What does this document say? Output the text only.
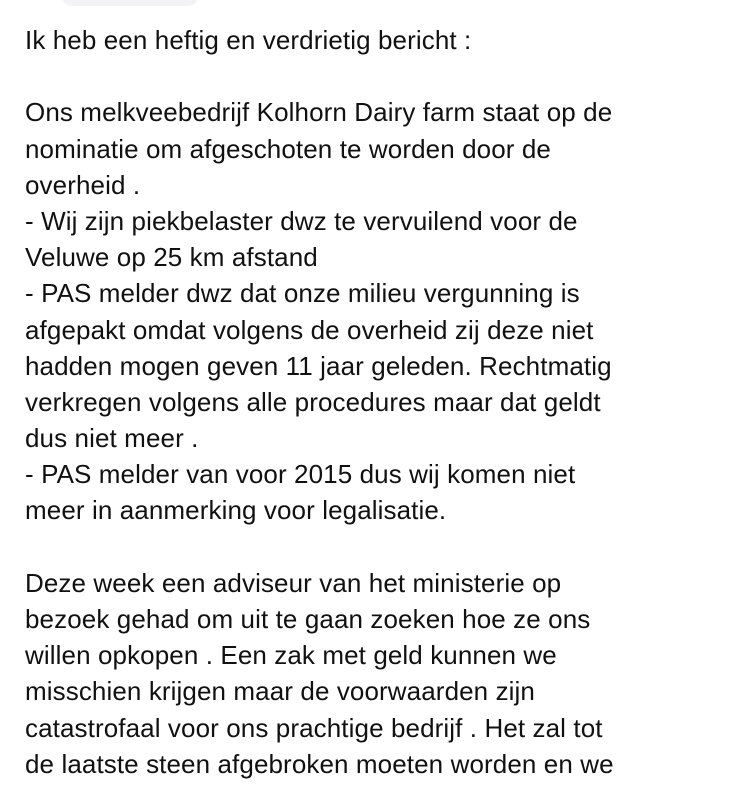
Ik heb een heftig en verdrietig bericht :
Ons melkveebedrijf Kolhorn Dairy farm staat op de
nominatie om afgeschoten te worden door de
overheid .
- Wij zijn piekbelaster dwz te vervuilend voor de
Veluwe op 25 km afstand
- PAS melder dwz dat onze milieu vergunning is
afgepakt omdat volgens de overheid zij deze niet
hadden mogen geven 11 jaar geleden. Rechtmatig
verkregen volgens alle procedures maar dat geldt
dus niet meer .
- PAS melder van voor 2015 dus wij komen niet
meer in aanmerking voor legalisatie.
Deze week een adviseur van het ministerie op
bezoek gehad om uit te gaan zoeken hoe ze ons
willen opkopen . Een zak met geld kunnen we
misschien krijgen maar de voorwaarden zijn
catastrofaal voor ons prachtige bedrijf . Het zal tot
de laatste steen afgebroken moeten worden en we
